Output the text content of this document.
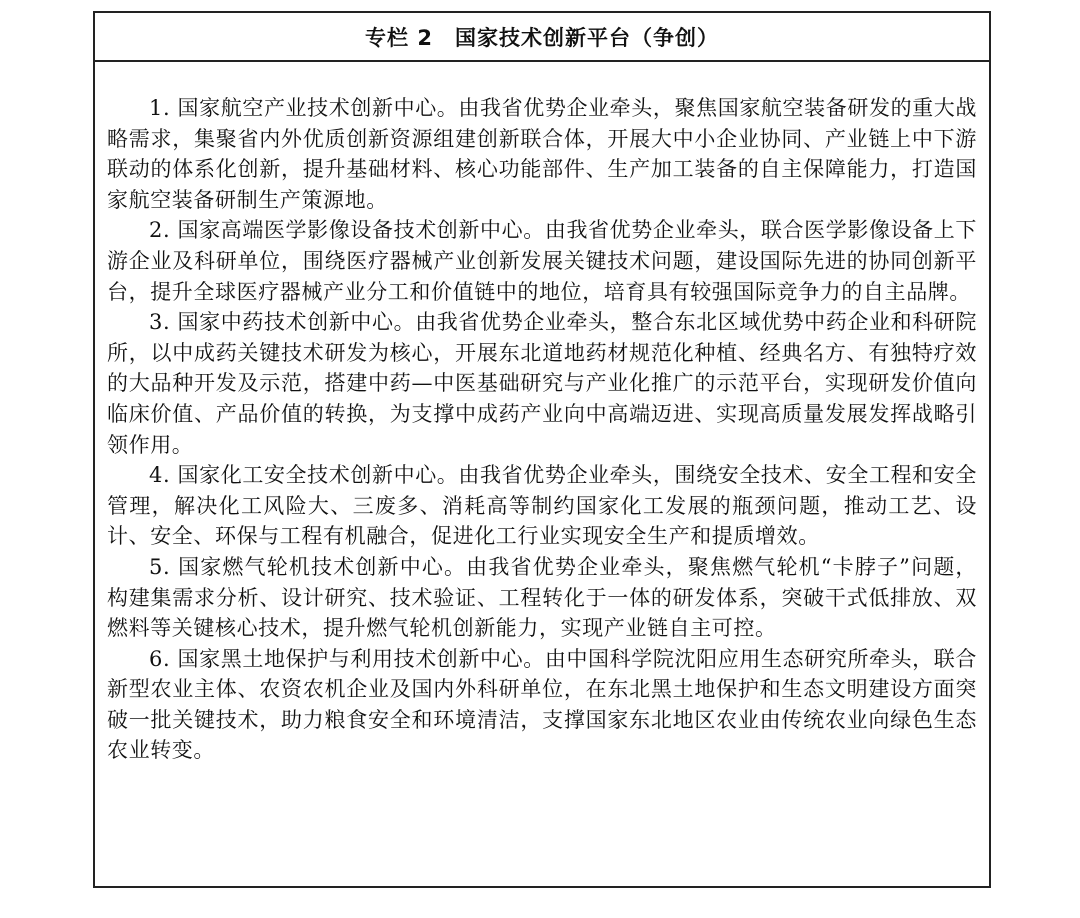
专栏 2 国家技术创新平台（争创）

1. 国家航空产业技术创新中心。由我省优势企业牵头，聚焦国家航空装备研发的重大战略需求，集聚省内外优质创新资源组建创新联合体，开展大中小企业协同、产业链上中下游联动的体系化创新，提升基础材料、核心功能部件、生产加工装备的自主保障能力，打造国家航空装备研制生产策源地。

2. 国家高端医学影像设备技术创新中心。由我省优势企业牵头，联合医学影像设备上下游企业及科研单位，围绕医疗器械产业创新发展关键技术问题，建设国际先进的协同创新平台，提升全球医疗器械产业分工和价值链中的地位，培育具有较强国际竞争力的自主品牌。

3. 国家中药技术创新中心。由我省优势企业牵头，整合东北区域优势中药企业和科研院所，以中成药关键技术研发为核心，开展东北道地药材规范化种植、经典名方、有独特疗效的大品种开发及示范，搭建中药—中医基础研究与产业化推广的示范平台，实现研发价值向临床价值、产品价值的转换，为支撑中成药产业向中高端迈进、实现高质量发展发挥战略引领作用。

4. 国家化工安全技术创新中心。由我省优势企业牵头，围绕安全技术、安全工程和安全管理，解决化工风险大、三废多、消耗高等制约国家化工发展的瓶颈问题，推动工艺、设计、安全、环保与工程有机融合，促进化工行业实现安全生产和提质增效。

5. 国家燃气轮机技术创新中心。由我省优势企业牵头，聚焦燃气轮机“卡脖子”问题，构建集需求分析、设计研究、技术验证、工程转化于一体的研发体系，突破干式低排放、双燃料等关键核心技术，提升燃气轮机创新能力，实现产业链自主可控。

6. 国家黑土地保护与利用技术创新中心。由中国科学院沈阳应用生态研究所牵头，联合新型农业主体、农资农机企业及国内外科研单位，在东北黑土地保护和生态文明建设方面突破一批关键技术，助力粮食安全和环境清洁，支撑国家东北地区农业由传统农业向绿色生态农业转变。
